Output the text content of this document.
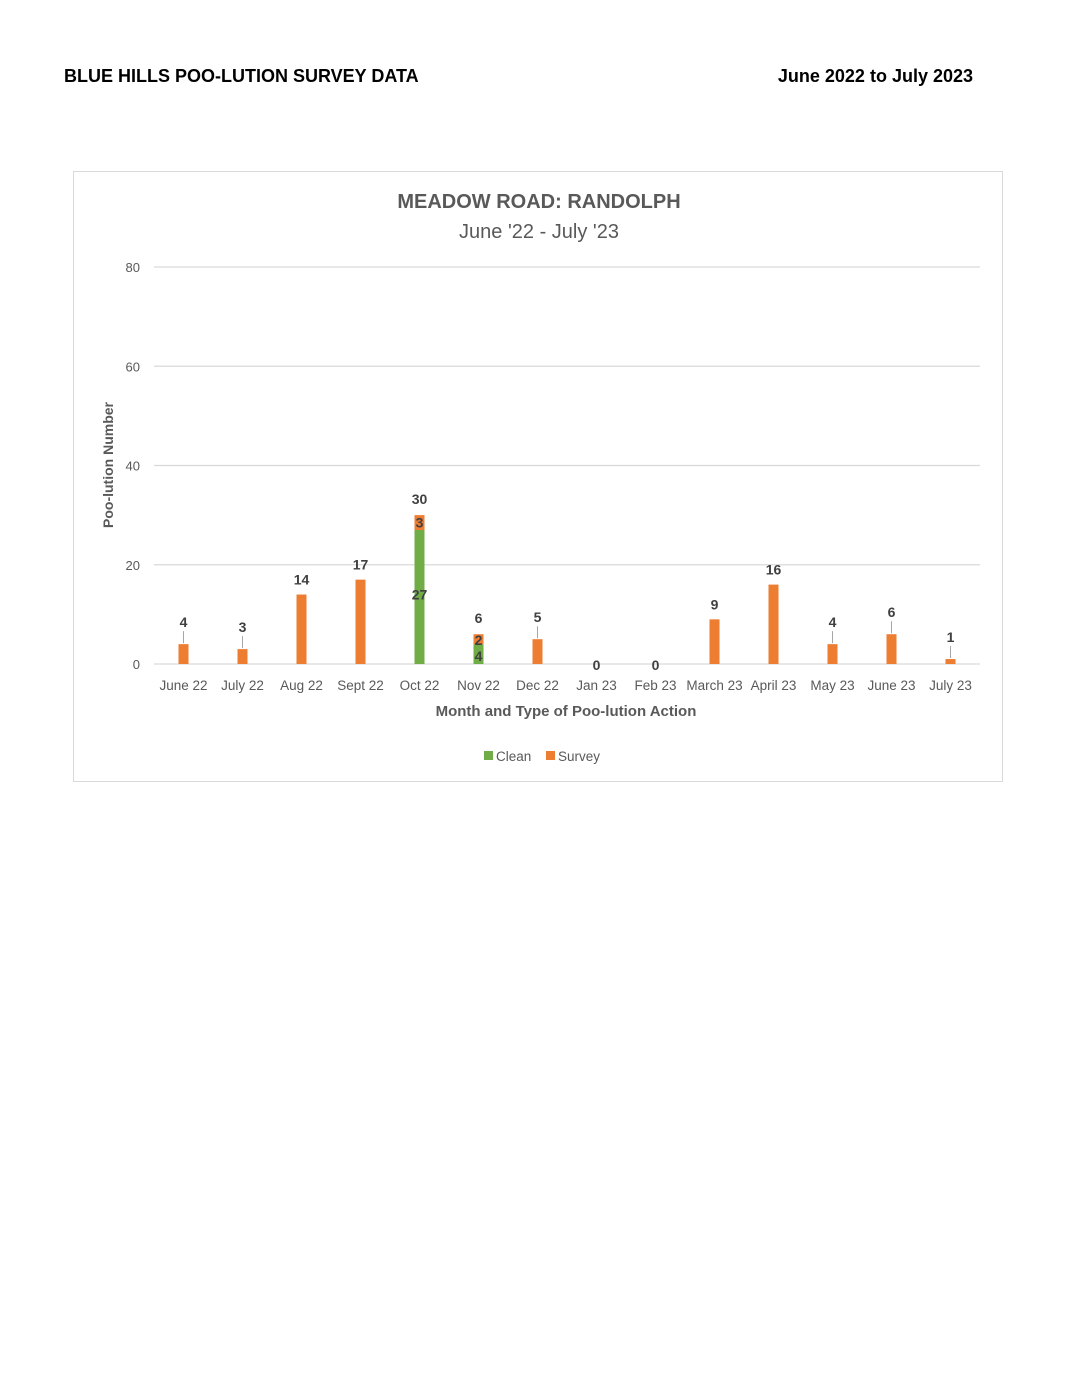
BLUE HILLS POO-LUTION SURVEY DATA	June 2022 to July 2023
MEADOW ROAD: RANDOLPH
June '22 - July '23
0
20
40
60
80
June 22 July 22 Aug 22 Sept 22 Oct 22 Nov 22 Dec 22 Jan 23 Feb 23 March 23 April 23 May 23 June 23 July 23
4	3
14
17
30
6	5
0	0
9
16
4
6
1
27
3
4
2
Poo-lution Number
Month and Type of Poo-lution Action
Clean Survey
